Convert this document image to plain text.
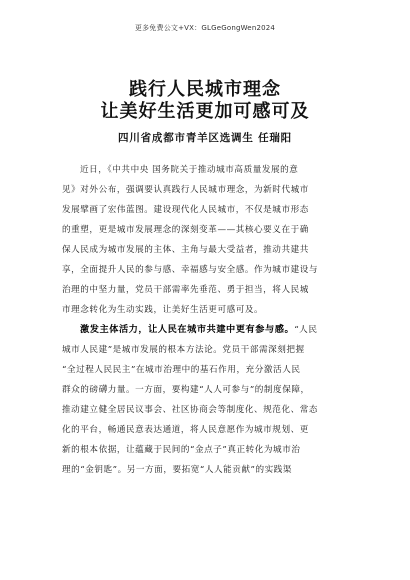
更多免费公文+VX：GLGeGongWen2024
践行人民城市理念
让美好生活更加可感可及
四川省成都市青羊区选调生 任瑞阳
近日，《中共中央 国务院关于推动城市高质量发展的意
见》对外公布，强调要认真践行人民城市理念，为新时代城市
发展擘画了宏伟蓝图。建设现代化人民城市，不仅是城市形态
的重塑，更是城市发展理念的深刻变革——其核心要义在于确
保人民成为城市发展的主体、主角与最大受益者，推动共建共
享，全面提升人民的参与感、幸福感与安全感。作为城市建设与
治理的中坚力量，党员干部需率先垂范、勇于担当，将人民城
市理念转化为生动实践，让美好生活更可感可及。
激发主体活力，让人民在城市共建中更有参与感。“人民
城市人民建”是城市发展的根本方法论。党员干部需深刻把握
“全过程人民民主”在城市治理中的基石作用，充分激活人民
群众的磅礴力量。一方面，要构建“人人可参与”的制度保障，
推动建立健全居民议事会、社区协商会等制度化、规范化、常态
化的平台，畅通民意表达通道，将人民意愿作为城市规划、更
新的根本依据，让蕴藏于民间的“金点子”真正转化为城市治
理的“金钥匙”。另一方面，要拓宽“人人能贡献”的实践渠
